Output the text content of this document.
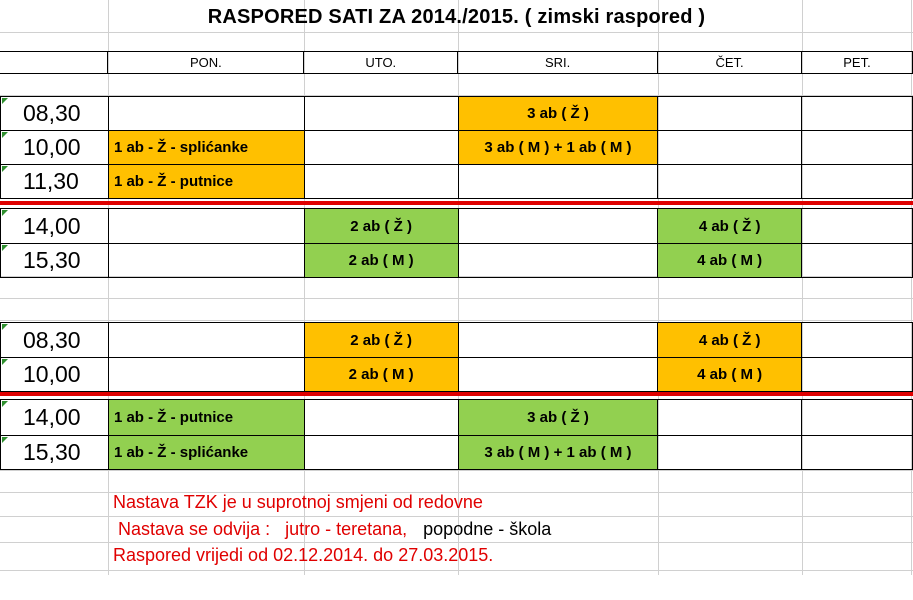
RASPORED SATI ZA 2014./2015. ( zimski raspored )
	PON.	UTO.	SRI.	ČET.	PET.
08,30			3 ab ( Ž )		
10,00	1 ab - Ž - splićanke		3 ab ( M ) + 1 ab ( M )		
11,30	1 ab - Ž - putnice				
14,00		2 ab ( Ž )		4 ab ( Ž )	
15,30		2 ab ( M )		4 ab ( M )	
08,30		2 ab ( Ž )		4 ab ( Ž )	
10,00		2 ab ( M )		4 ab ( M )	
14,00	1 ab - Ž - putnice		3 ab ( Ž )		
15,30	1 ab - Ž - splićanke		3 ab ( M ) + 1 ab ( M )		
Nastava TZK je u suprotnoj smjeni od redovne
Nastava se odvija :   jutro - teretana, popodne - škola
Raspored vrijedi od 02.12.2014. do 27.03.2015.
